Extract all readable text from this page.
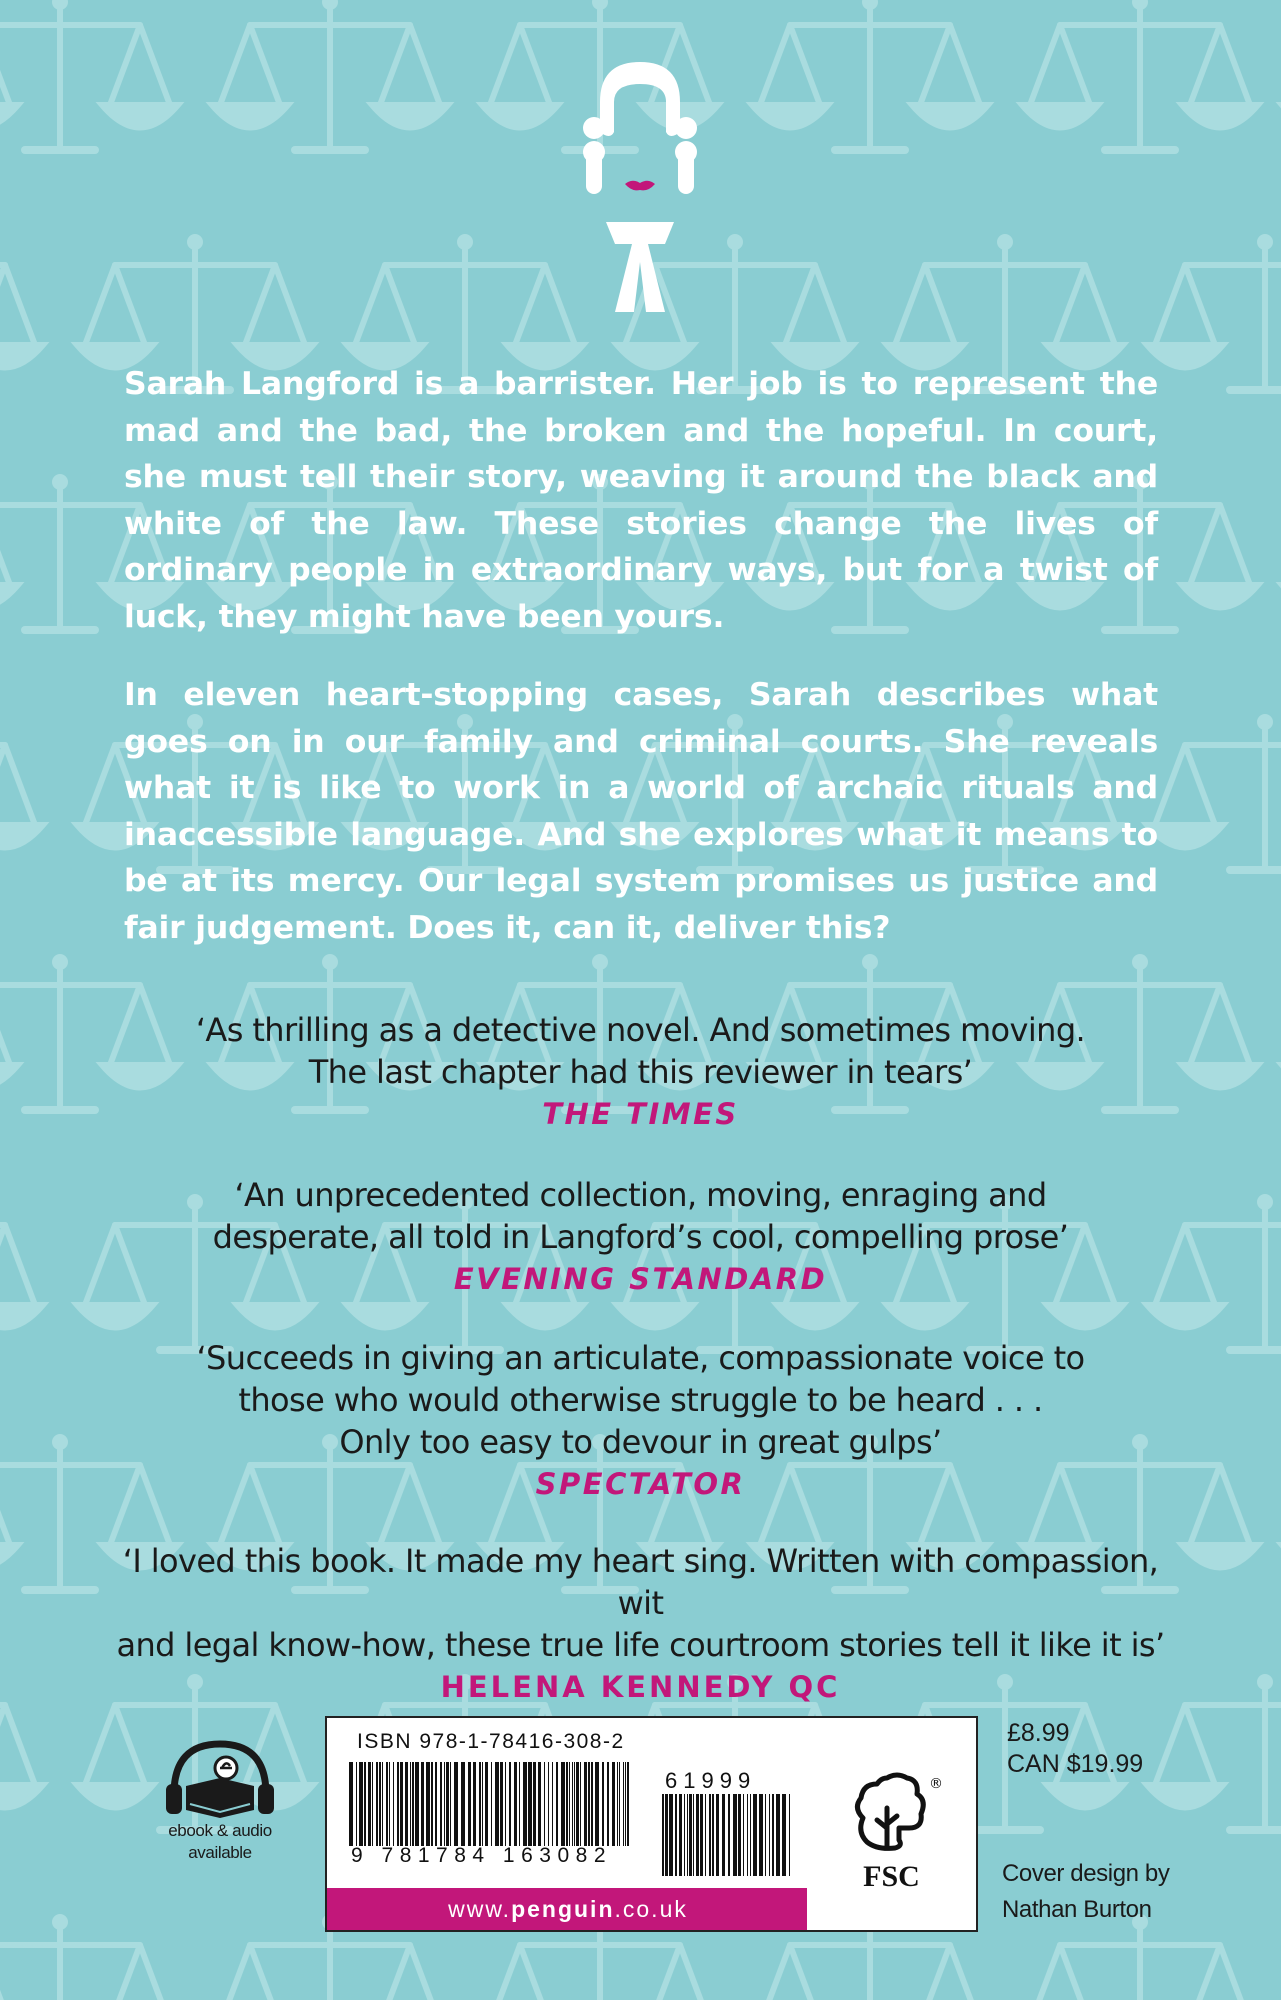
Sarah Langford is a barrister. Her job is to represent the mad and the bad, the broken and the hopeful. In court, she must tell their story, weaving it around the black and white of the law. These stories change the lives of ordinary people in extraordinary ways, but for a twist of luck, they might have been yours.

In eleven heart-stopping cases, Sarah describes what goes on in our family and criminal courts. She reveals what it is like to work in a world of archaic rituals and inaccessible language. And she explores what it means to be at its mercy. Our legal system promises us justice and fair judgement. Does it, can it, deliver this?

‘As thrilling as a detective novel. And sometimes moving.
The last chapter had this reviewer in tears’
THE TIMES
‘An unprecedented collection, moving, enraging and
desperate, all told in Langford’s cool, compelling prose’
EVENING STANDARD
‘Succeeds in giving an articulate, compassionate voice to
those who would otherwise struggle to be heard . . .
Only too easy to devour in great gulps’
SPECTATOR
‘I loved this book. It made my heart sing. Written with compassion, wit
and legal know-how, these true life courtroom stories tell it like it is’
HELENA KENNEDY QC
ebook & audio
available
ISBN 978-1-78416-308-2
9 781784 163082
61999
www.penguin.co.uk
®
FSC
£8.99
CAN $19.99
Cover design by
Nathan Burton
